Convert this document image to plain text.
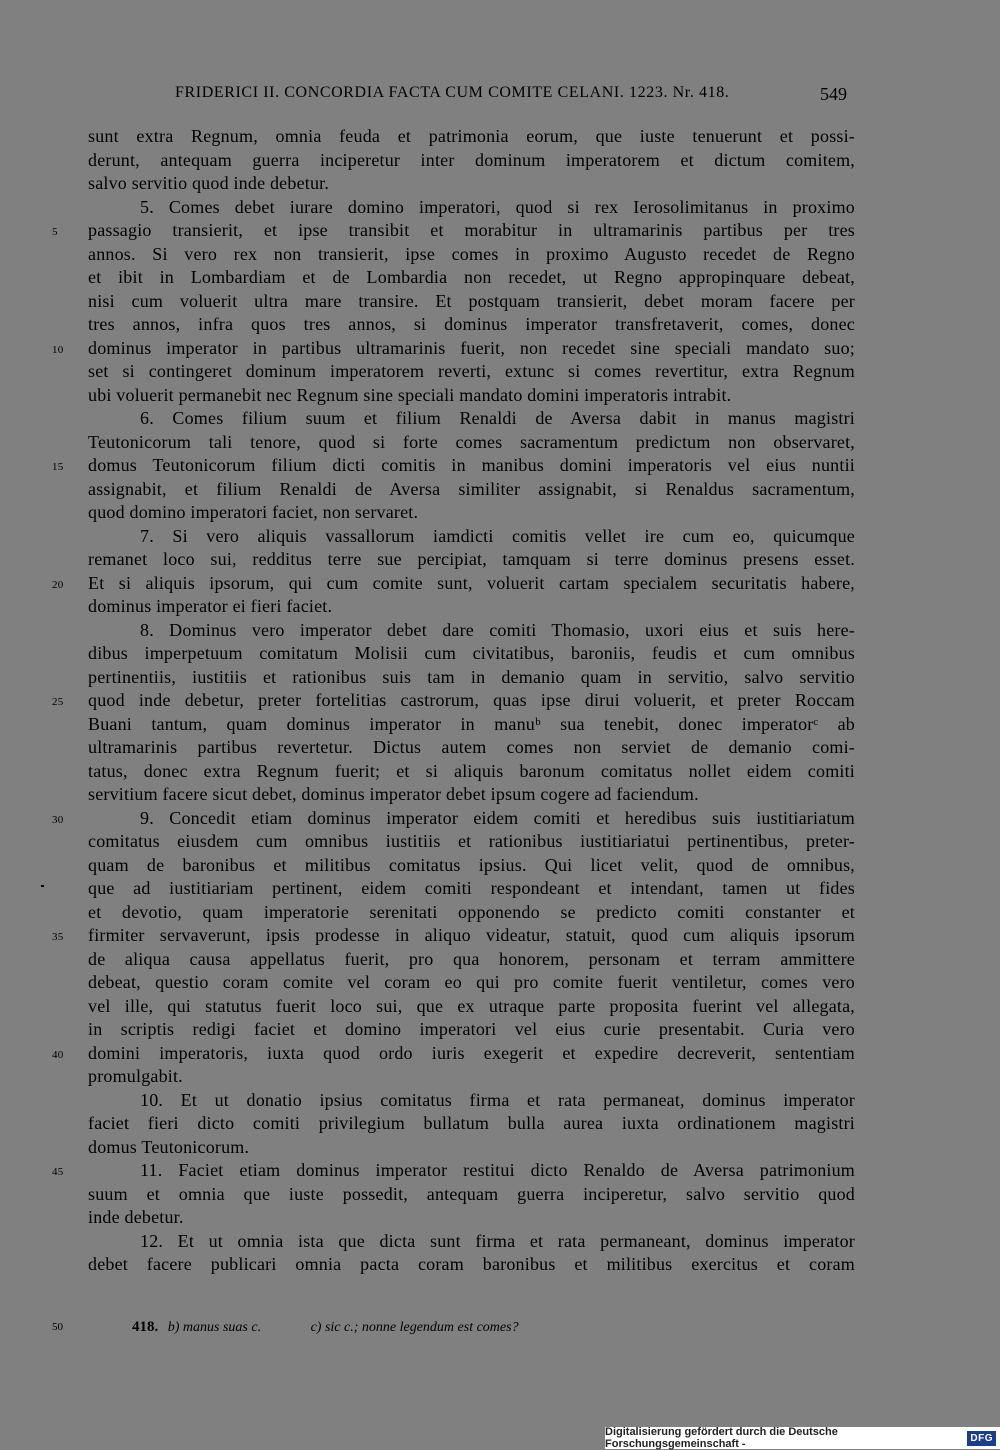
FRIDERICI II. CONCORDIA FACTA CUM COMITE CELANI. 1223. Nr. 418.	549
sunt extra Regnum, omnia feuda et patrimonia eorum, que iuste tenuerunt et possi-
derunt, antequam guerra inciperetur inter dominum imperatorem et dictum comitem,
salvo servitio quod inde debetur.
5. Comes debet iurare domino imperatori, quod si rex Ierosolimitanus in proximo
5	passagio transierit, et ipse transibit et morabitur in ultramarinis partibus per tres
annos. Si vero rex non transierit, ipse comes in proximo Augusto recedet de Regno
et ibit in Lombardiam et de Lombardia non recedet, ut Regno appropinquare debeat,
nisi cum voluerit ultra mare transire. Et postquam transierit, debet moram facere per
tres annos, infra quos tres annos, si dominus imperator transfretaverit, comes, donec
10	dominus imperator in partibus ultramarinis fuerit, non recedet sine speciali mandato suo;
set si contingeret dominum imperatorem reverti, extunc si comes revertitur, extra Regnum
ubi voluerit permanebit nec Regnum sine speciali mandato domini imperatoris intrabit.
6. Comes filium suum et filium Renaldi de Aversa dabit in manus magistri
Teutonicorum tali tenore, quod si forte comes sacramentum predictum non observaret,
15	domus Teutonicorum filium dicti comitis in manibus domini imperatoris vel eius nuntii
assignabit, et filium Renaldi de Aversa similiter assignabit, si Renaldus sacramentum,
quod domino imperatori faciet, non servaret.
7. Si vero aliquis vassallorum iamdicti comitis vellet ire cum eo, quicumque
remanet loco sui, redditus terre sue percipiat, tamquam si terre dominus presens esset.
20	Et si aliquis ipsorum, qui cum comite sunt, voluerit cartam specialem securitatis habere,
dominus imperator ei fieri faciet.
8. Dominus vero imperator debet dare comiti Thomasio, uxori eius et suis here-
dibus imperpetuum comitatum Molisii cum civitatibus, baroniis, feudis et cum omnibus
pertinentiis, iustitiis et rationibus suis tam in demanio quam in servitio, salvo servitio
25	quod inde debetur, preter fortelitias castrorum, quas ipse dirui voluerit, et preter Roccam
Buani tantum, quam dominus imperator in manuᵇ sua tenebit, donec imperatorᶜ ab
ultramarinis partibus revertetur. Dictus autem comes non serviet de demanio comi-
tatus, donec extra Regnum fuerit; et si aliquis baronum comitatus nollet eidem comiti
servitium facere sicut debet, dominus imperator debet ipsum cogere ad faciendum.
30	9. Concedit etiam dominus imperator eidem comiti et heredibus suis iustitiariatum
comitatus eiusdem cum omnibus iustitiis et rationibus iustitiariatui pertinentibus, preter-
quam de baronibus et militibus comitatus ipsius. Qui licet velit, quod de omnibus,
que ad iustitiariam pertinent, eidem comiti respondeant et intendant, tamen ut fides
et devotio, quam imperatorie serenitati opponendo se predicto comiti constanter et
35	firmiter servaverunt, ipsis prodesse in aliquo videatur, statuit, quod cum aliquis ipsorum
de aliqua causa appellatus fuerit, pro qua honorem, personam et terram ammittere
debeat, questio coram comite vel coram eo qui pro comite fuerit ventiletur, comes vero
vel ille, qui statutus fuerit loco sui, que ex utraque parte proposita fuerint vel allegata,
in scriptis redigi faciet et domino imperatori vel eius curie presentabit. Curia vero
40	domini imperatoris, iuxta quod ordo iuris exegerit et expedire decreverit, sententiam
promulgabit.
10. Et ut donatio ipsius comitatus firma et rata permaneat, dominus imperator
faciet fieri dicto comiti privilegium bullatum bulla aurea iuxta ordinationem magistri
domus Teutonicorum.
45	11. Faciet etiam dominus imperator restitui dicto Renaldo de Aversa patrimonium
suum et omnia que iuste possedit, antequam guerra inciperetur, salvo servitio quod
inde debetur.
12. Et ut omnia ista que dicta sunt firma et rata permaneant, dominus imperator
debet facere publicari omnia pacta coram baronibus et militibus exercitus et coram
50	418. b) manus suas c.	c) sic c.; nonne legendum est comes?
Digitalisierung gefördert durch die Deutsche Forschungsgemeinschaft -	DFG
